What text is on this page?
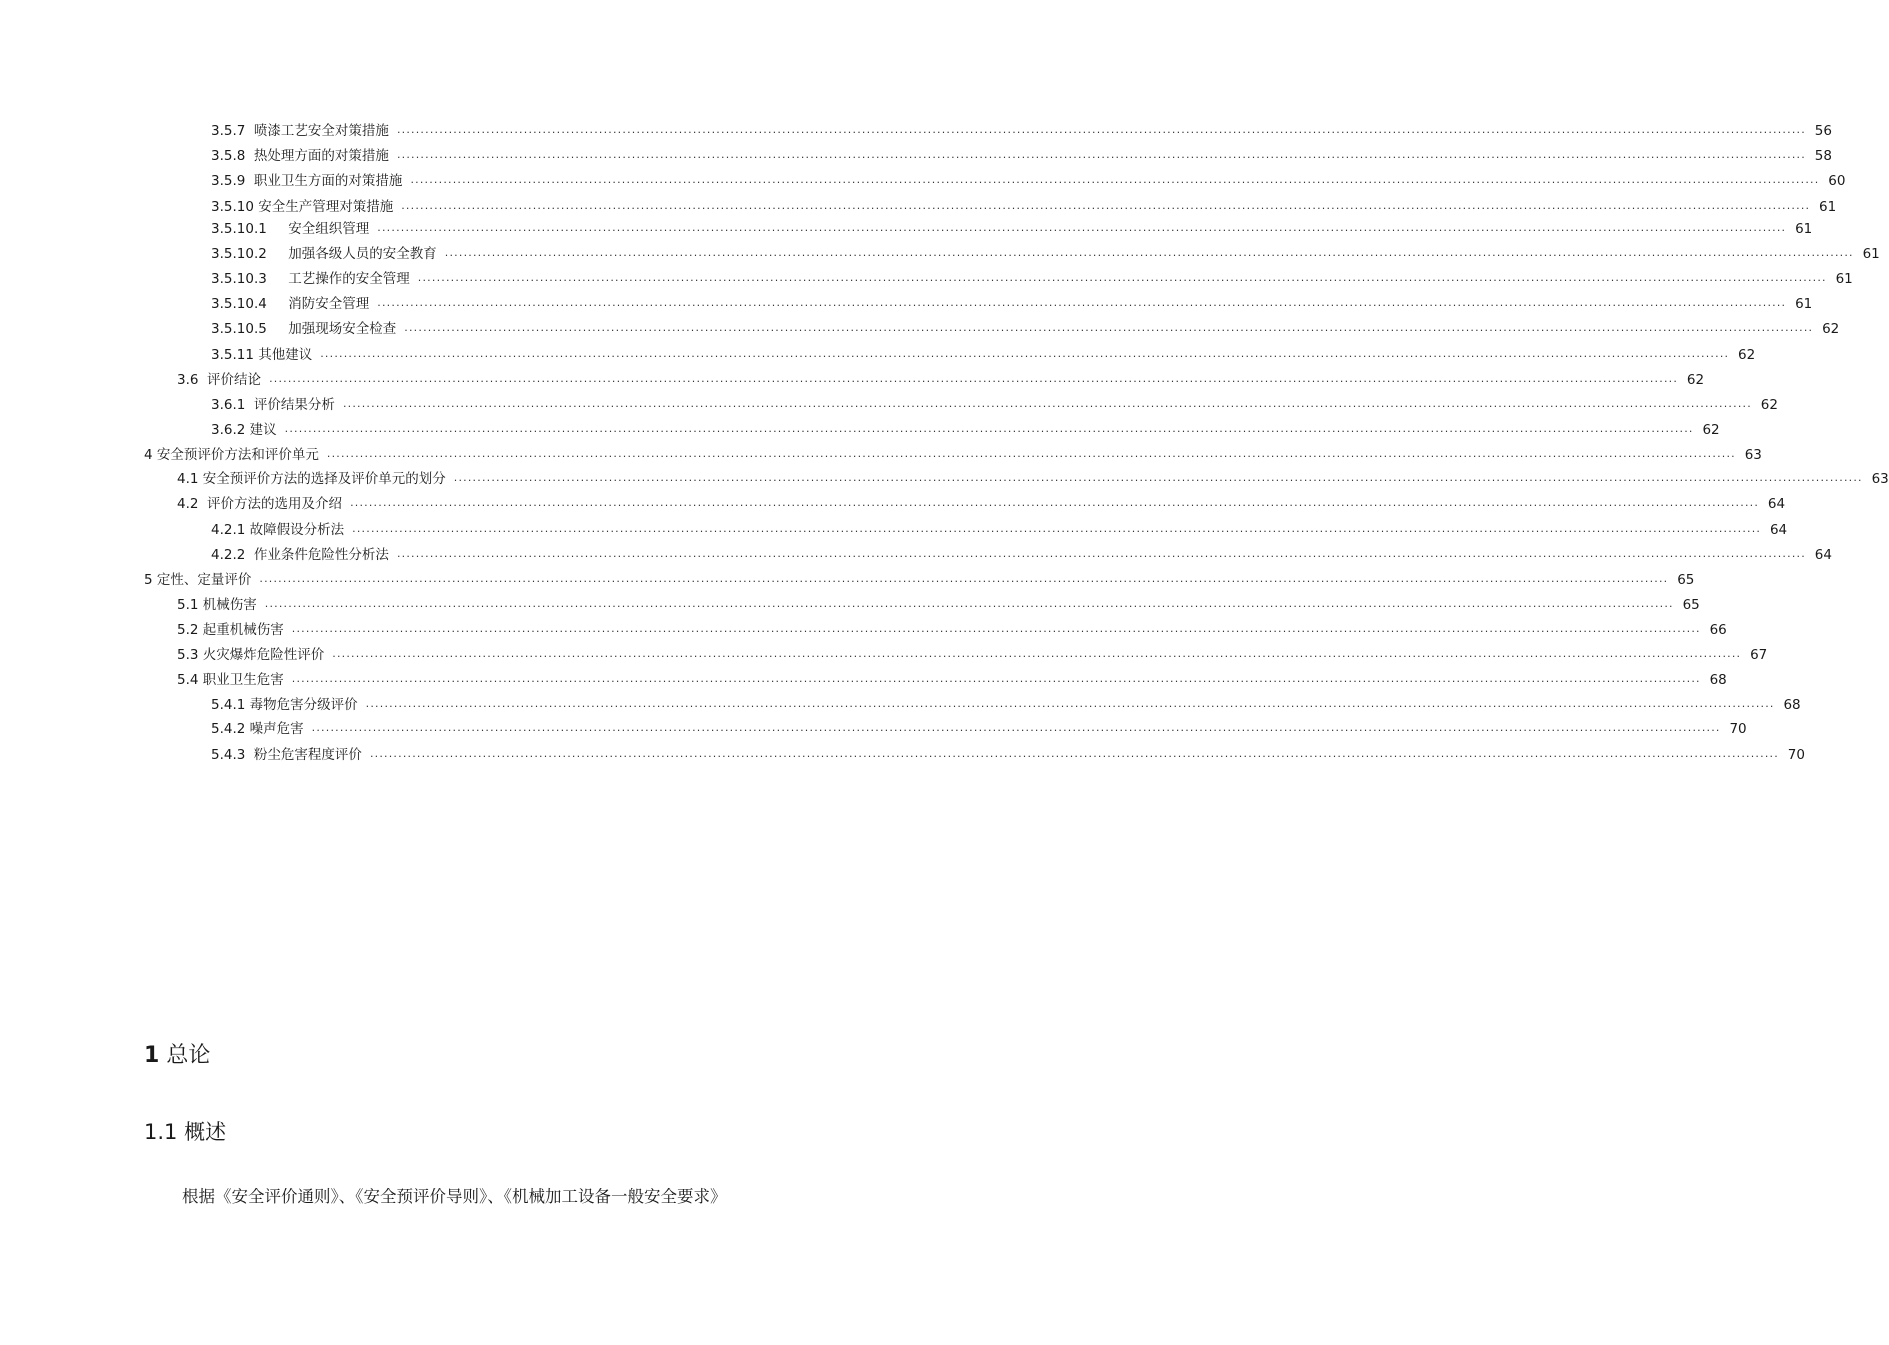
3.5.7  喷漆工艺安全对策措施 ............................................................................................................................................................................................................................................................................................................ 56
3.5.8  热处理方面的对策措施 ............................................................................................................................................................................................................................................................................................................ 58
3.5.9  职业卫生方面的对策措施 ............................................................................................................................................................................................................................................................................................................ 60
3.5.10 安全生产管理对策措施 ............................................................................................................................................................................................................................................................................................................ 61
3.5.10.1     安全组织管理 ............................................................................................................................................................................................................................................................................................................ 61
3.5.10.2     加强各级人员的安全教育 ............................................................................................................................................................................................................................................................................................................ 61
3.5.10.3     工艺操作的安全管理 ............................................................................................................................................................................................................................................................................................................ 61
3.5.10.4     消防安全管理 ............................................................................................................................................................................................................................................................................................................ 61
3.5.10.5     加强现场安全检查 ............................................................................................................................................................................................................................................................................................................ 62
3.5.11 其他建议 ............................................................................................................................................................................................................................................................................................................ 62
3.6  评价结论 ............................................................................................................................................................................................................................................................................................................ 62
3.6.1  评价结果分析 ............................................................................................................................................................................................................................................................................................................ 62
3.6.2 建议 ............................................................................................................................................................................................................................................................................................................ 62
4 安全预评价方法和评价单元 ............................................................................................................................................................................................................................................................................................................ 63
4.1 安全预评价方法的选择及评价单元的划分 ............................................................................................................................................................................................................................................................................................................ 63
4.2  评价方法的选用及介绍 ............................................................................................................................................................................................................................................................................................................ 64
4.2.1 故障假设分析法 ............................................................................................................................................................................................................................................................................................................ 64
4.2.2  作业条件危险性分析法 ............................................................................................................................................................................................................................................................................................................ 64
5 定性、定量评价 ............................................................................................................................................................................................................................................................................................................ 65
5.1 机械伤害 ............................................................................................................................................................................................................................................................................................................ 65
5.2 起重机械伤害 ............................................................................................................................................................................................................................................................................................................ 66
5.3 火灾爆炸危险性评价 ............................................................................................................................................................................................................................................................................................................ 67
5.4 职业卫生危害 ............................................................................................................................................................................................................................................................................................................ 68
5.4.1 毒物危害分级评价 ............................................................................................................................................................................................................................................................................................................ 68
5.4.2 噪声危害 ............................................................................................................................................................................................................................................................................................................ 70
5.4.3  粉尘危害程度评价 ............................................................................................................................................................................................................................................................................................................ 70
1 总论
1.1 概述

根据《安全评价通则》、《安全预评价导则》、《机械加工设备一般安全要求》
